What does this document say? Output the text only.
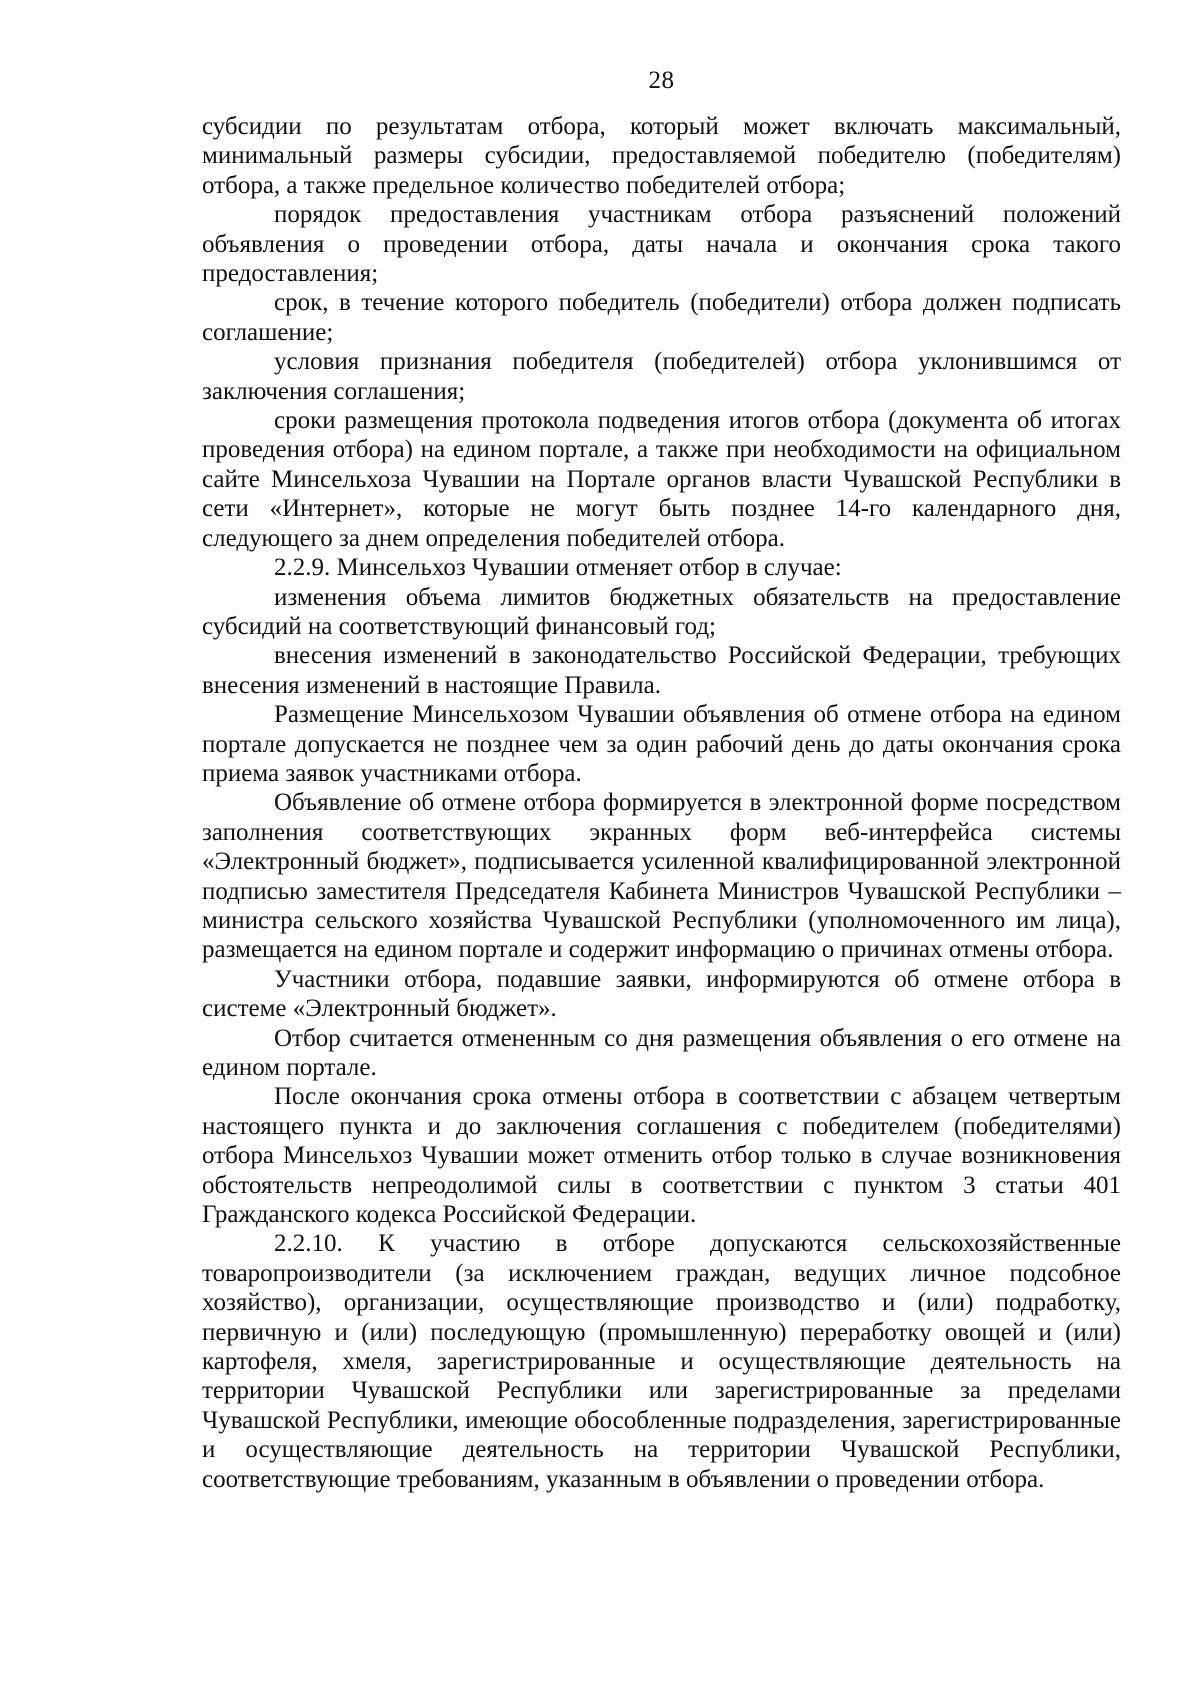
28

субсидии по результатам отбора, который может включать максимальный, минимальный размеры субсидии, предоставляемой победителю (победителям) отбора, а также предельное количество победителей отбора;

порядок предоставления участникам отбора разъяснений положений объявления о проведении отбора, даты начала и окончания срока такого предоставления;

срок, в течение которого победитель (победители) отбора должен подписать соглашение;

условия признания победителя (победителей) отбора уклонившимся от заключения соглашения;

сроки размещения протокола подведения итогов отбора (документа об итогах проведения отбора) на едином портале, а также при необходимости на официальном сайте Минсельхоза Чувашии на Портале органов власти Чувашской Республики в сети «Интернет», которые не могут быть позднее 14-го календарного дня, следующего за днем определения победителей отбора.

2.2.9. Минсельхоз Чувашии отменяет отбор в случае:

изменения объема лимитов бюджетных обязательств на предоставление субсидий на соответствующий финансовый год;

внесения изменений в законодательство Российской Федерации, требующих внесения изменений в настоящие Правила.

Размещение Минсельхозом Чувашии объявления об отмене отбора на едином портале допускается не позднее чем за один рабочий день до даты окончания срока приема заявок участниками отбора.

Объявление об отмене отбора формируется в электронной форме посредством заполнения соответствующих экранных форм веб-интерфейса системы «Электронный бюджет», подписывается усиленной квалифицированной электронной подписью заместителя Председателя Кабинета Министров Чувашской Республики – министра сельского хозяйства Чувашской Республики (уполномоченного им лица), размещается на едином портале и содержит информацию о причинах отмены отбора.

Участники отбора, подавшие заявки, информируются об отмене отбора в системе «Электронный бюджет».

Отбор считается отмененным со дня размещения объявления о его отмене на едином портале.

После окончания срока отмены отбора в соответствии с абзацем четвертым настоящего пункта и до заключения соглашения с победителем (победителями) отбора Минсельхоз Чувашии может отменить отбор только в случае возникновения обстоятельств непреодолимой силы в соответствии с пунктом 3 статьи 401 Гражданского кодекса Российской Федерации.

2.2.10. К участию в отборе допускаются сельскохозяйственные товаропроизводители (за исключением граждан, ведущих личное подсобное хозяйство), организации, осуществляющие производство и (или) подработку, первичную и (или) последующую (промышленную) переработку овощей и (или) картофеля, хмеля, зарегистрированные и осуществляющие деятельность на территории Чувашской Республики или зарегистрированные за пределами Чувашской Республики, имеющие обособленные подразделения, зарегистрированные и осуществляющие деятельность на территории Чувашской Республики, соответствующие требованиям, указанным в объявлении о проведении отбора.
